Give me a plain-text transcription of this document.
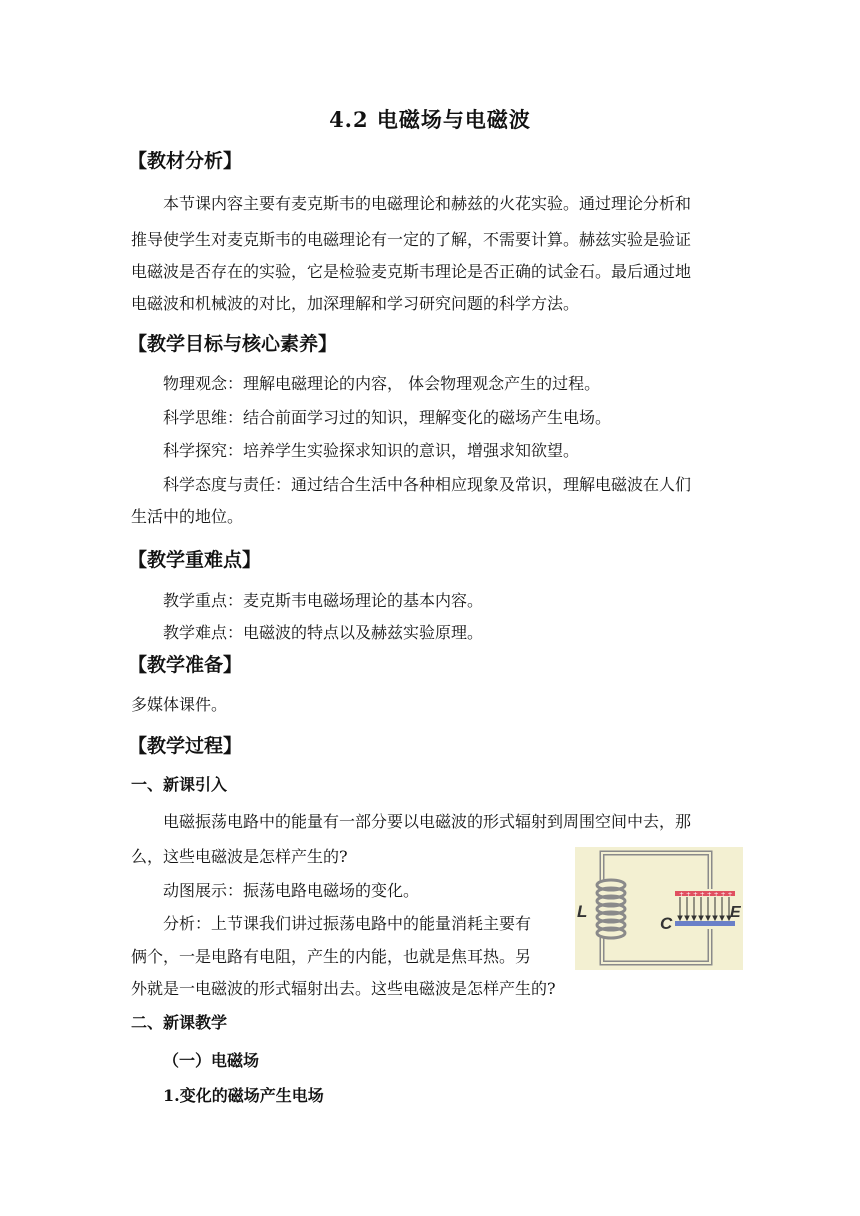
4.2 电磁场与电磁波
【教材分析】
本节课内容主要有麦克斯韦的电磁理论和赫兹的火花实验。通过理论分析和
推导使学生对麦克斯韦的电磁理论有一定的了解，不需要计算。赫兹实验是验证
电磁波是否存在的实验，它是检验麦克斯韦理论是否正确的试金石。最后通过地
电磁波和机械波的对比，加深理解和学习研究问题的科学方法。
【教学目标与核心素养】
物理观念：理解电磁理论的内容， 体会物理观念产生的过程。
科学思维：结合前面学习过的知识，理解变化的磁场产生电场。
科学探究：培养学生实验探求知识的意识，增强求知欲望。
科学态度与责任：通过结合生活中各种相应现象及常识，理解电磁波在人们
生活中的地位。
【教学重难点】
教学重点：麦克斯韦电磁场理论的基本内容。
教学难点：电磁波的特点以及赫兹实验原理。
【教学准备】
多媒体课件。
【教学过程】
一、新课引入
电磁振荡电路中的能量有一部分要以电磁波的形式辐射到周围空间中去，那
么，这些电磁波是怎样产生的?
动图展示：振荡电路电磁场的变化。
分析：上节课我们讲过振荡电路中的能量消耗主要有
俩个，一是电路有电阻，产生的内能，也就是焦耳热。另
外就是一电磁波的形式辐射出去。这些电磁波是怎样产生的?
二、新课教学
（一）电磁场
1.变化的磁场产生电场
+ + + + + + + +
L
C
E
